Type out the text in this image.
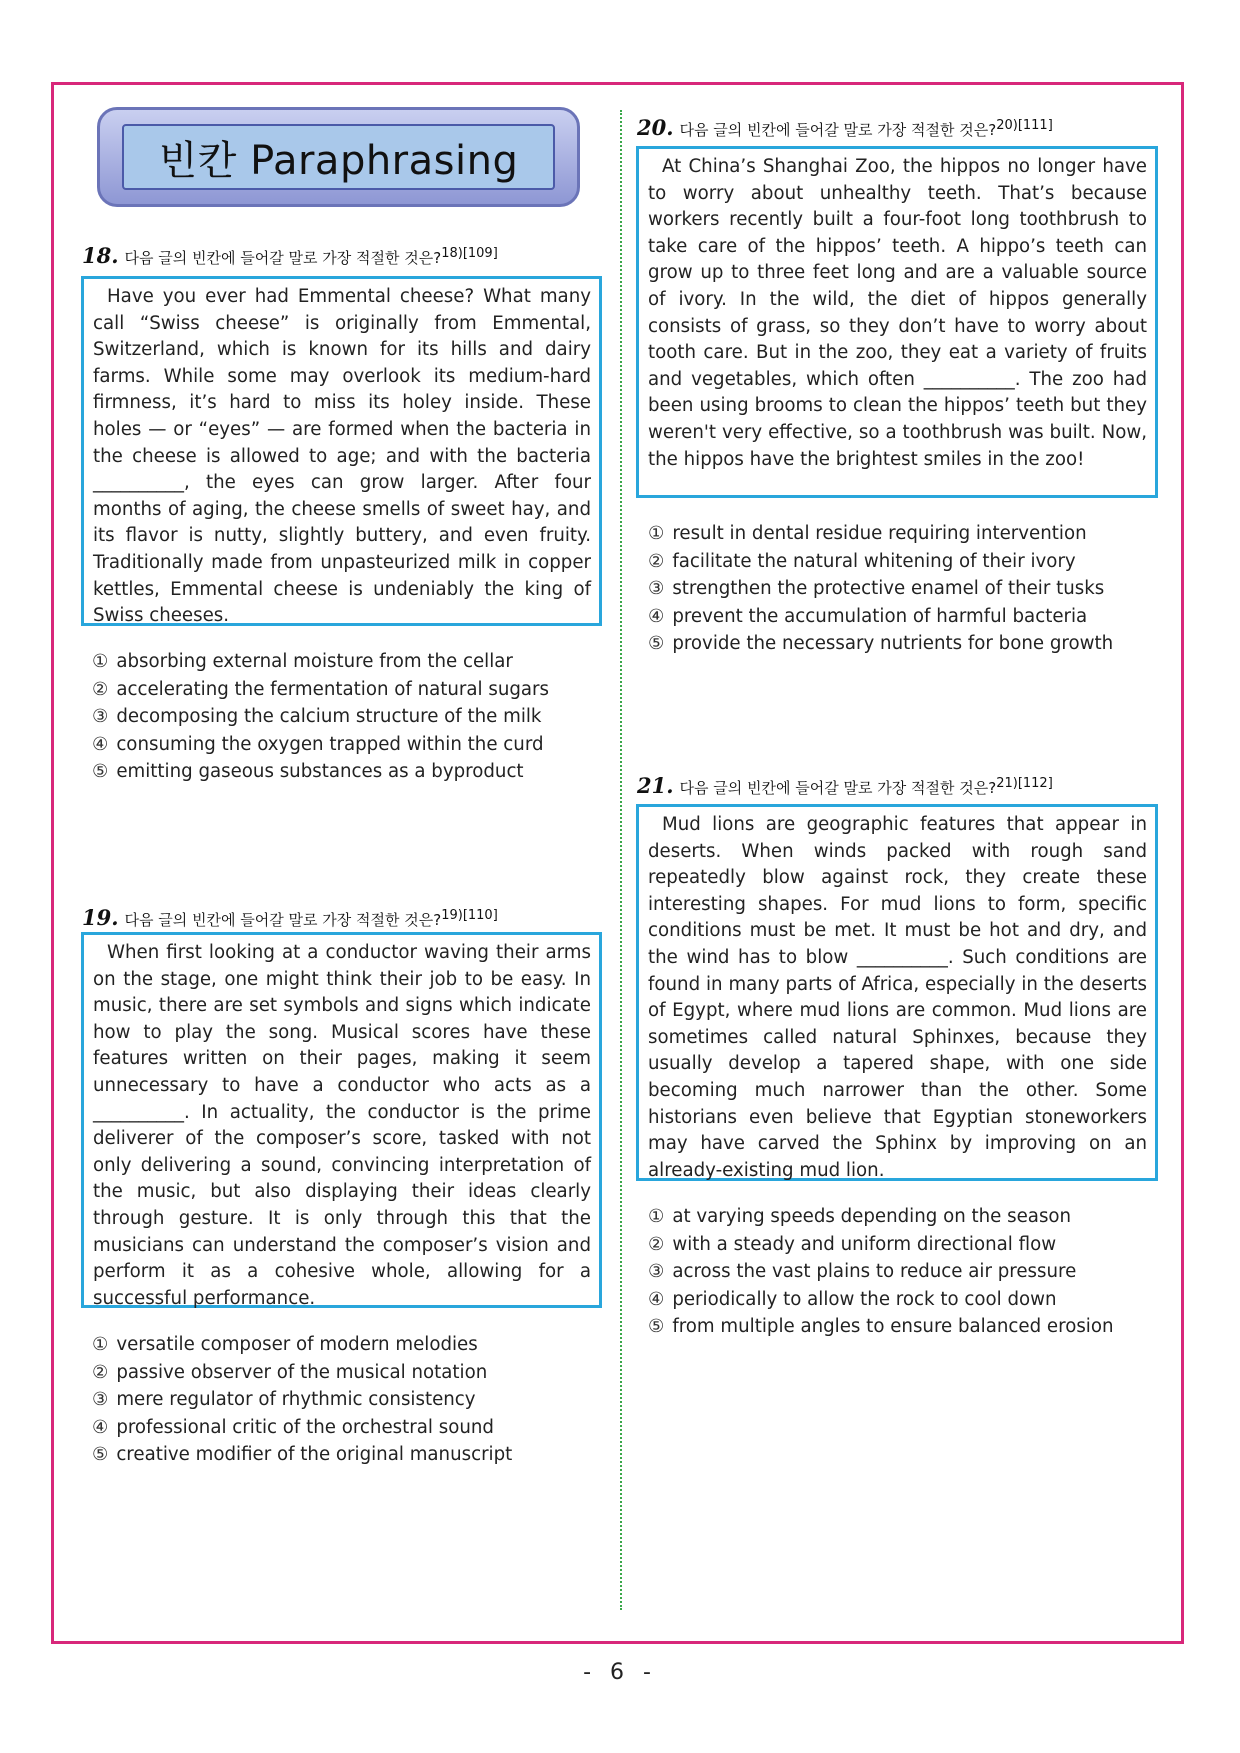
빈칸 Paraphrasing
18. 다음 글의 빈칸에 들어갈 말로 가장 적절한 것은?$^{18)[109]}$
Have you ever had Emmental cheese? What many call “Swiss cheese” is originally from Emmental, Switzerland, which is known for its hills and dairy farms. While some may overlook its medium-hard firmness, it’s hard to miss its holey inside. These holes — or “eyes” — are formed when the bacteria in the cheese is allowed to age; and with the bacteria __________, the eyes can grow larger. After four months of aging, the cheese smells of sweet hay, and its flavor is nutty, slightly buttery, and even fruity. Traditionally made from unpasteurized milk in copper kettles, Emmental cheese is undeniably the king of Swiss cheeses.
① absorbing external moisture from the cellar
② accelerating the fermentation of natural sugars
③ decomposing the calcium structure of the milk
④ consuming the oxygen trapped within the curd
⑤ emitting gaseous substances as a byproduct
19. 다음 글의 빈칸에 들어갈 말로 가장 적절한 것은?$^{19)[110]}$
When first looking at a conductor waving their arms on the stage, one might think their job to be easy. In music, there are set symbols and signs which indicate how to play the song. Musical scores have these features written on their pages, making it seem unnecessary to have a conductor who acts as a __________. In actuality, the conductor is the prime deliverer of the composer’s score, tasked with not only delivering a sound, convincing interpretation of the music, but also displaying their ideas clearly through gesture. It is only through this that the musicians can understand the composer’s vision and perform it as a cohesive whole, allowing for a successful performance.
① versatile composer of modern melodies
② passive observer of the musical notation
③ mere regulator of rhythmic consistency
④ professional critic of the orchestral sound
⑤ creative modifier of the original manuscript
20. 다음 글의 빈칸에 들어갈 말로 가장 적절한 것은?$^{20)[111]}$
At China’s Shanghai Zoo, the hippos no longer have to worry about unhealthy teeth. That’s because workers recently built a four-foot long toothbrush to take care of the hippos’ teeth. A hippo’s teeth can grow up to three feet long and are a valuable source of ivory. In the wild, the diet of hippos generally consists of grass, so they don’t have to worry about tooth care. But in the zoo, they eat a variety of fruits and vegetables, which often __________. The zoo had been using brooms to clean the hippos’ teeth but they weren't very effective, so a toothbrush was built. Now, the hippos have the brightest smiles in the zoo!
① result in dental residue requiring intervention
② facilitate the natural whitening of their ivory
③ strengthen the protective enamel of their tusks
④ prevent the accumulation of harmful bacteria
⑤ provide the necessary nutrients for bone growth
21. 다음 글의 빈칸에 들어갈 말로 가장 적절한 것은?$^{21)[112]}$
Mud lions are geographic features that appear in deserts. When winds packed with rough sand repeatedly blow against rock, they create these interesting shapes. For mud lions to form, specific conditions must be met. It must be hot and dry, and the wind has to blow __________. Such conditions are found in many parts of Africa, especially in the deserts of Egypt, where mud lions are common. Mud lions are sometimes called natural Sphinxes, because they usually develop a tapered shape, with one side becoming much narrower than the other. Some historians even believe that Egyptian stoneworkers may have carved the Sphinx by improving on an already-existing mud lion.
① at varying speeds depending on the season
② with a steady and uniform directional flow
③ across the vast plains to reduce air pressure
④ periodically to allow the rock to cool down
⑤ from multiple angles to ensure balanced erosion
- 6 -
